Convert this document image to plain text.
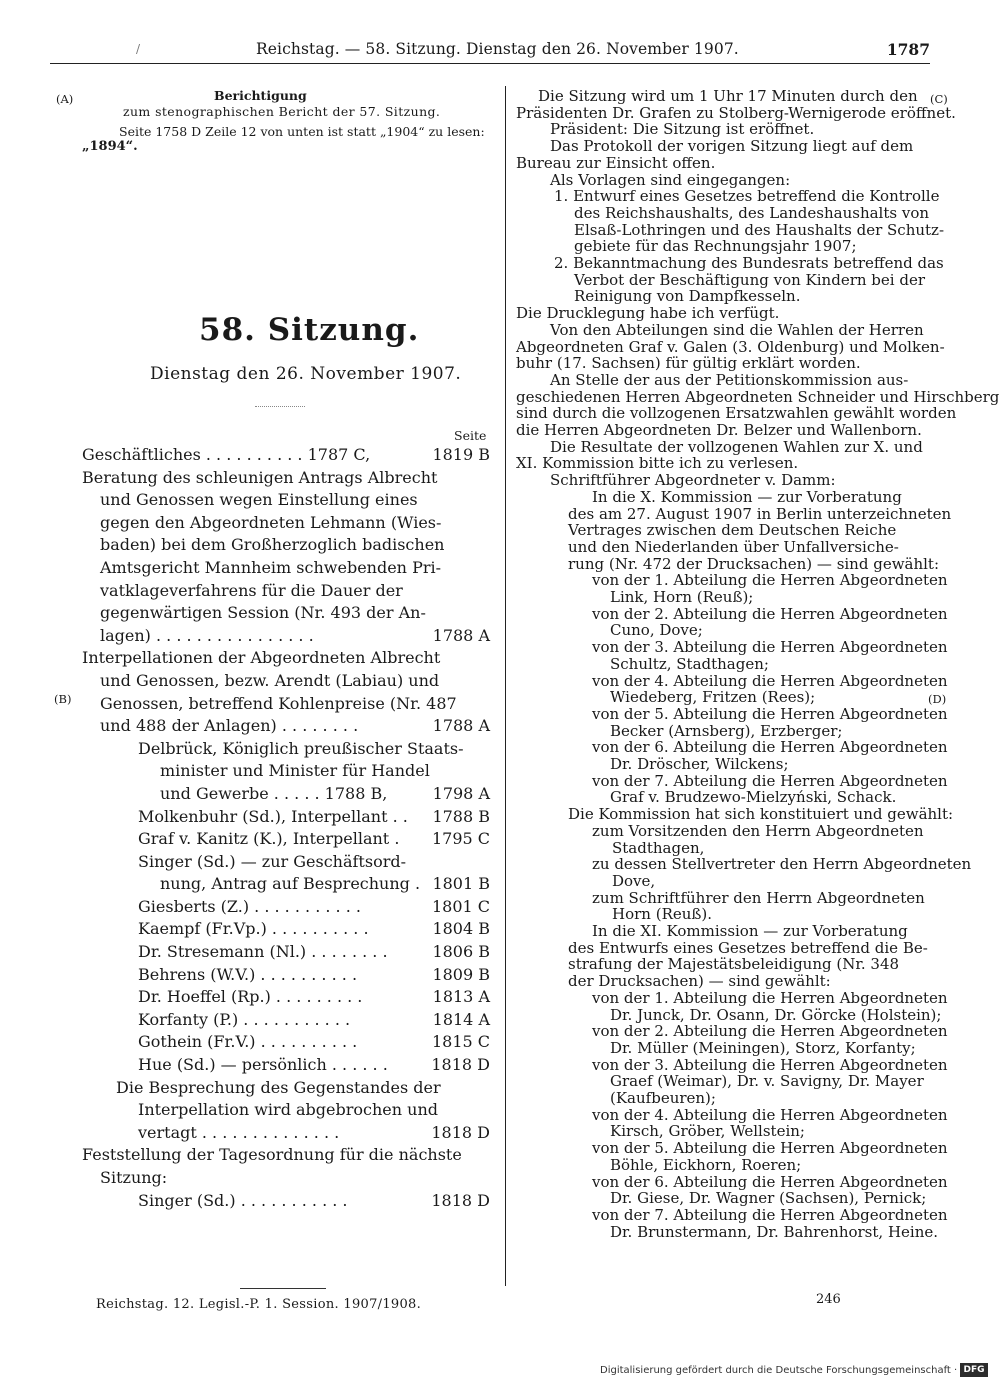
/	Reichstag. — 58. Sitzung. Dienstag den 26. November 1907.	1787
(A)
(B)
(C)
(D)
Berichtigung
zum stenographischen Bericht der 57. Sitzung.
Seite 1758 D Zeile 12 von unten ist statt „1904“ zu lesen:
„1894“.
58. Sitzung.
Dienstag den 26. November 1907.
Seite
Geschäftliches . . . . . . . . . . 1787 C,	1819 B
Beratung des schleunigen Antrags Albrecht
und Genossen wegen Einstellung eines
gegen den Abgeordneten Lehmann (Wies-
baden) bei dem Großherzoglich badischen
Amtsgericht Mannheim schwebenden Pri-
vatklageverfahrens für die Dauer der
gegenwärtigen Session (Nr. 493 der An-
lagen) . . . . . . . . . . . . . . . .	1788 A
Interpellationen der Abgeordneten Albrecht
und Genossen, bezw. Arendt (Labiau) und
Genossen, betreffend Kohlenpreise (Nr. 487
und 488 der Anlagen) . . . . . . . .	1788 A
Delbrück, Königlich preußischer Staats-
minister und Minister für Handel
und Gewerbe . . . . . 1788 B,	1798 A
Molkenbuhr (Sd.), Interpellant . . 1788 B
Graf v. Kanitz (K.), Interpellant . 1795 C
Singer (Sd.) — zur Geschäftsord-
nung, Antrag auf Besprechung . 1801 B
Giesberts (Z.) . . . . . . . . . . .	1801 C
Kaempf (Fr.Vp.) . . . . . . . . . .	1804 B
Dr. Stresemann (Nl.) . . . . . . . .	1806 B
Behrens (W.V.) . . . . . . . . . .	1809 B
Dr. Hoeffel (Rp.) . . . . . . . . .	1813 A
Korfanty (P.) . . . . . . . . . . .	1814 A
Gothein (Fr.V.) . . . . . . . . . .	1815 C
Hue (Sd.) — persönlich . . . . . .	1818 D
Die Besprechung des Gegenstandes der
Interpellation wird abgebrochen und
vertagt . . . . . . . . . . . . . .	1818 D
Feststellung der Tagesordnung für die nächste
Sitzung:
Singer (Sd.) . . . . . . . . . . .	1818 D
Reichstag. 12. Legisl.-P. 1. Session. 1907/1908.	246
Die Sitzung wird um 1 Uhr 17 Minuten durch den
Präsidenten Dr. Grafen zu Stolberg-Wernigerode eröffnet.
Präsident: Die Sitzung ist eröffnet.
Das Protokoll der vorigen Sitzung liegt auf dem
Bureau zur Einsicht offen.
Als Vorlagen sind eingegangen:
1. Entwurf eines Gesetzes betreffend die Kontrolle
des Reichshaushalts, des Landeshaushalts von
Elsaß-Lothringen und des Haushalts der Schutz-
gebiete für das Rechnungsjahr 1907;
2. Bekanntmachung des Bundesrats betreffend das
Verbot der Beschäftigung von Kindern bei der
Reinigung von Dampfkesseln.
Die Drucklegung habe ich verfügt.
Von den Abteilungen sind die Wahlen der Herren
Abgeordneten Graf v. Galen (3. Oldenburg) und Molken-
buhr (17. Sachsen) für gültig erklärt worden.
An Stelle der aus der Petitionskommission aus-
geschiedenen Herren Abgeordneten Schneider und Hirschberg
sind durch die vollzogenen Ersatzwahlen gewählt worden
die Herren Abgeordneten Dr. Belzer und Wallenborn.
Die Resultate der vollzogenen Wahlen zur X. und
XI. Kommission bitte ich zu verlesen.
Schriftführer Abgeordneter v. Damm:
In die X. Kommission — zur Vorberatung
des am 27. August 1907 in Berlin unterzeichneten
Vertrages zwischen dem Deutschen Reiche
und den Niederlanden über Unfallversiche-
rung (Nr. 472 der Drucksachen) — sind gewählt:
von der 1. Abteilung die Herren Abgeordneten
Link, Horn (Reuß);
von der 2. Abteilung die Herren Abgeordneten
Cuno, Dove;
von der 3. Abteilung die Herren Abgeordneten
Schultz, Stadthagen;
von der 4. Abteilung die Herren Abgeordneten
Wiedeberg, Fritzen (Rees);
von der 5. Abteilung die Herren Abgeordneten
Becker (Arnsberg), Erzberger;
von der 6. Abteilung die Herren Abgeordneten
Dr. Dröscher, Wilckens;
von der 7. Abteilung die Herren Abgeordneten
Graf v. Brudzewo-Mielzyński, Schack.
Die Kommission hat sich konstituiert und gewählt:
zum Vorsitzenden den Herrn Abgeordneten
Stadthagen,
zu dessen Stellvertreter den Herrn Abgeordneten
Dove,
zum Schriftführer den Herrn Abgeordneten
Horn (Reuß).
In die XI. Kommission — zur Vorberatung
des Entwurfs eines Gesetzes betreffend die Be-
strafung der Majestätsbeleidigung (Nr. 348
der Drucksachen) — sind gewählt:
von der 1. Abteilung die Herren Abgeordneten
Dr. Junck, Dr. Osann, Dr. Görcke (Holstein);
von der 2. Abteilung die Herren Abgeordneten
Dr. Müller (Meiningen), Storz, Korfanty;
von der 3. Abteilung die Herren Abgeordneten
Graef (Weimar), Dr. v. Savigny, Dr. Mayer
(Kaufbeuren);
von der 4. Abteilung die Herren Abgeordneten
Kirsch, Gröber, Wellstein;
von der 5. Abteilung die Herren Abgeordneten
Böhle, Eickhorn, Roeren;
von der 6. Abteilung die Herren Abgeordneten
Dr. Giese, Dr. Wagner (Sachsen), Pernick;
von der 7. Abteilung die Herren Abgeordneten
Dr. Brunstermann, Dr. Bahrenhorst, Heine.
Digitalisierung gefördert durch die Deutsche Forschungsgemeinschaft · DFG
